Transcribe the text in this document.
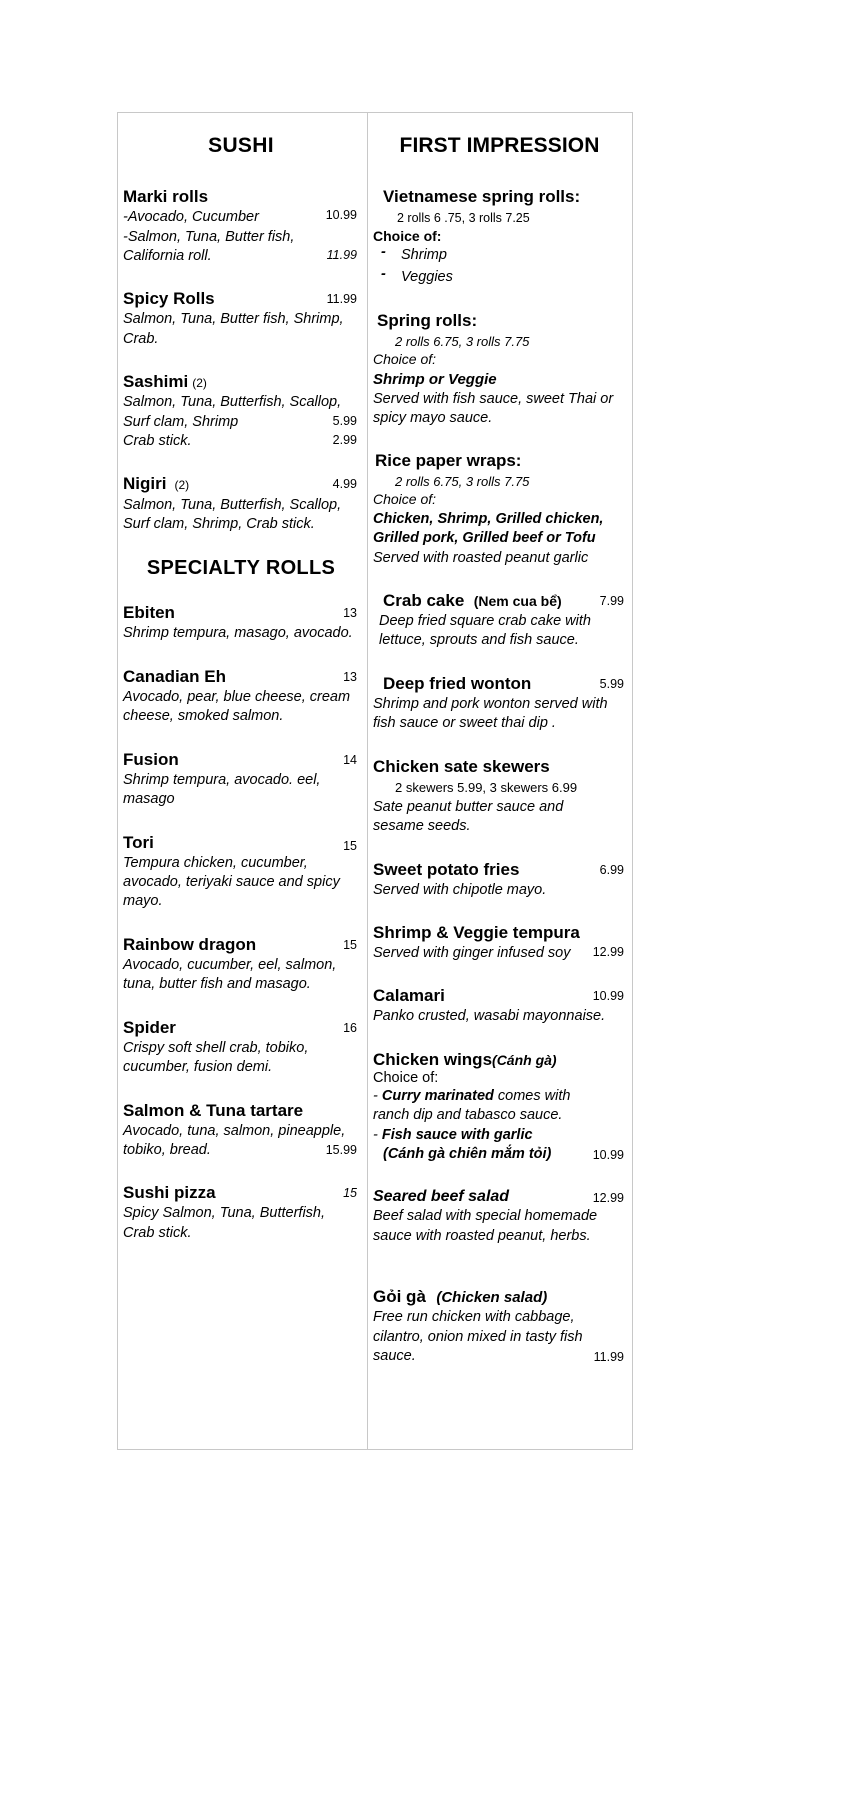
SUSHI
Marki rolls
-Avocado, Cucumber	10.99
-Salmon, Tuna, Butter fish,
California roll.	11.99
Spicy Rolls	11.99
Salmon, Tuna, Butter fish, Shrimp,
Crab.
Sashimi (2)
Salmon, Tuna, Butterfish, Scallop,
Surf clam, Shrimp	5.99
Crab stick.	2.99
Nigiri (2)	4.99
Salmon, Tuna, Butterfish, Scallop,
Surf clam, Shrimp, Crab stick.
SPECIALTY ROLLS
Ebiten	13
Shrimp tempura, masago, avocado.
Canadian Eh	13
Avocado, pear, blue cheese, cream
cheese, smoked salmon.
Fusion	14
Shrimp tempura, avocado. eel,
masago
Tori	15
Tempura chicken, cucumber,
avocado, teriyaki sauce and spicy
mayo.
Rainbow dragon	15
Avocado, cucumber, eel, salmon,
tuna, butter fish and masago.
Spider	16
Crispy soft shell crab, tobiko,
cucumber, fusion demi.
Salmon & Tuna tartare
Avocado, tuna, salmon, pineapple,
tobiko, bread.	15.99
Sushi pizza	15
Spicy Salmon, Tuna, Butterfish,
Crab stick.
FIRST IMPRESSION
Vietnamese spring rolls:
2 rolls 6 .75, 3 rolls 7.25
Choice of:
- Shrimp
- Veggies
Spring rolls:
2 rolls 6.75, 3 rolls 7.75
Choice of:
Shrimp or Veggie
Served with fish sauce, sweet Thai or
spicy mayo sauce.
Rice paper wraps:
2 rolls 6.75, 3 rolls 7.75
Choice of:
Chicken, Shrimp, Grilled chicken,
Grilled pork, Grilled beef or Tofu
Served with roasted peanut garlic
Crab cake (Nem cua bể)	7.99
Deep fried square crab cake with
lettuce, sprouts and fish sauce.
Deep fried wonton	5.99
Shrimp and pork wonton served with
fish sauce or sweet thai dip .
Chicken sate skewers
2 skewers 5.99, 3 skewers 6.99
Sate peanut butter sauce and
sesame seeds.
Sweet potato fries	6.99
Served with chipotle mayo.
Shrimp & Veggie tempura
Served with ginger infused soy 12.99
Calamari	10.99
Panko crusted, wasabi mayonnaise.
Chicken wings(Cánh gà)
Choice of:
- Curry marinated comes with
ranch dip and tabasco sauce.
- Fish sauce with garlic
(Cánh gà chiên mắm tỏi)	10.99
Seared beef salad	12.99
Beef salad with special homemade
sauce with roasted peanut, herbs.
Gỏi gà (Chicken salad)
Free run chicken with cabbage,
cilantro, onion mixed in tasty fish
sauce.	11.99
